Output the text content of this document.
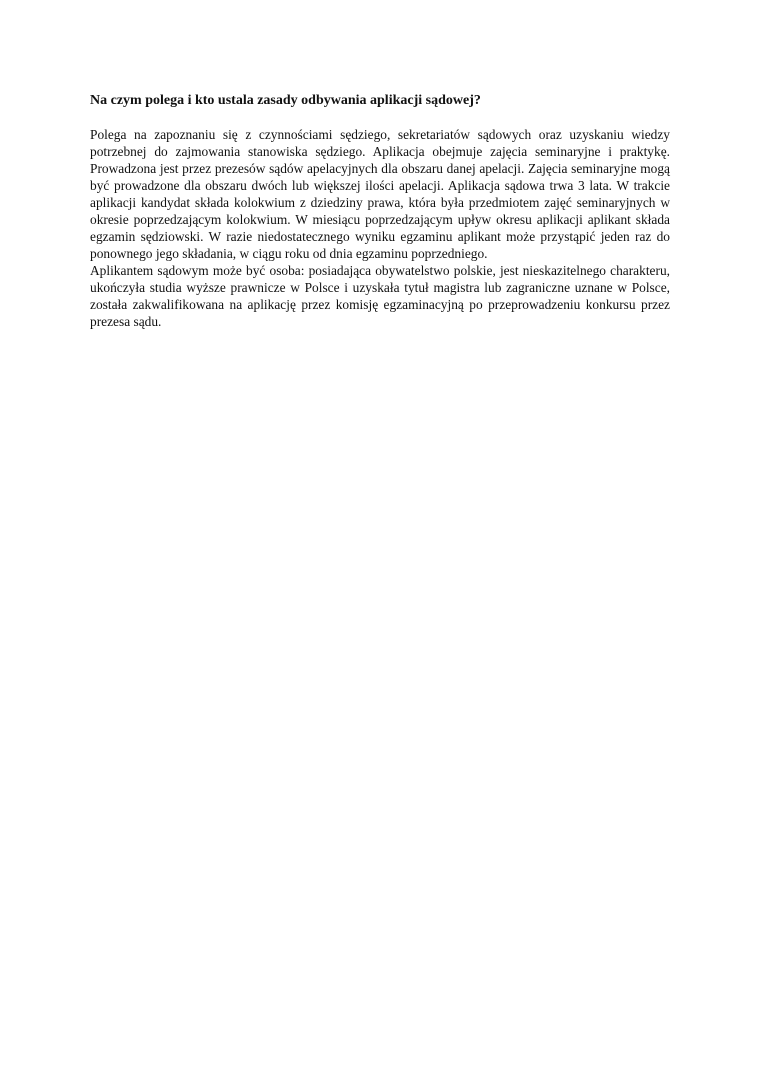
Na czym polega i kto ustala zasady odbywania aplikacji sądowej?

Polega na zapoznaniu się z czynnościami sędziego, sekretariatów sądowych oraz uzyskaniu wiedzy potrzebnej do zajmowania stanowiska sędziego. Aplikacja obejmuje zajęcia seminaryjne i praktykę. Prowadzona jest przez prezesów sądów apelacyjnych dla obszaru danej apelacji. Zajęcia seminaryjne mogą być prowadzone dla obszaru dwóch lub większej ilości apelacji. Aplikacja sądowa trwa 3 lata. W trakcie aplikacji kandydat składa kolokwium z dziedziny prawa, która była przedmiotem zajęć seminaryjnych w okresie poprzedzającym kolokwium. W miesiącu poprzedzającym upływ okresu aplikacji aplikant składa egzamin sędziowski. W razie niedostatecznego wyniku egzaminu aplikant może przystąpić jeden raz do ponownego jego składania, w ciągu roku od dnia egzaminu poprzedniego.

Aplikantem sądowym może być osoba: posiadająca obywatelstwo polskie, jest nieskazitelnego charakteru, ukończyła studia wyższe prawnicze w Polsce i uzyskała tytuł magistra lub zagraniczne uznane w Polsce, została zakwalifikowana na aplikację przez komisję egzaminacyjną po przeprowadzeniu konkursu przez prezesa sądu.
